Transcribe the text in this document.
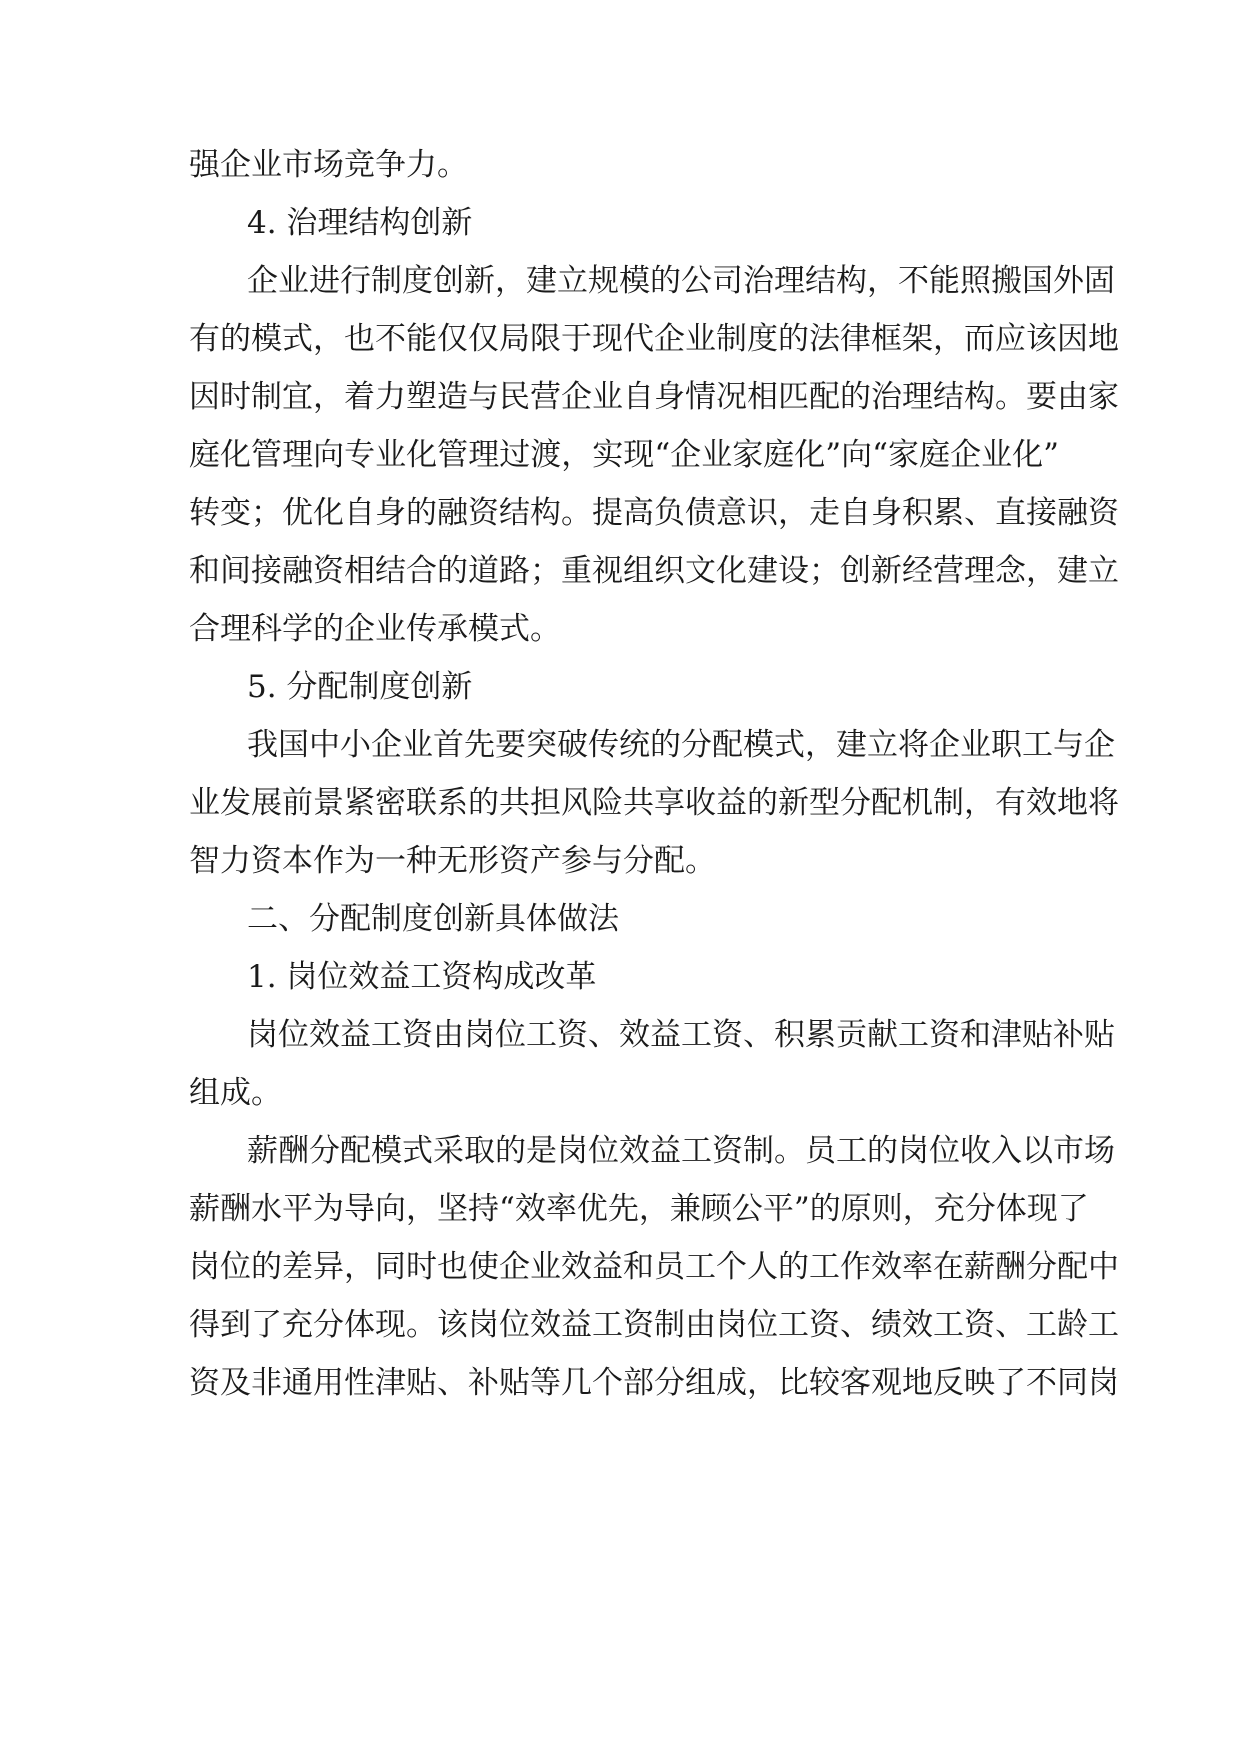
强企业市场竞争力。
4. 治理结构创新
企业进行制度创新，建立规模的公司治理结构，不能照搬国外固
有的模式，也不能仅仅局限于现代企业制度的法律框架，而应该因地
因时制宜，着力塑造与民营企业自身情况相匹配的治理结构。要由家
庭化管理向专业化管理过渡，实现“企业家庭化”向“家庭企业化”
转变；优化自身的融资结构。提高负债意识，走自身积累、直接融资
和间接融资相结合的道路；重视组织文化建设；创新经营理念，建立
合理科学的企业传承模式。
5. 分配制度创新
我国中小企业首先要突破传统的分配模式，建立将企业职工与企
业发展前景紧密联系的共担风险共享收益的新型分配机制，有效地将
智力资本作为一种无形资产参与分配。
二、分配制度创新具体做法
1. 岗位效益工资构成改革
岗位效益工资由岗位工资、效益工资、积累贡献工资和津贴补贴
组成。
薪酬分配模式采取的是岗位效益工资制。员工的岗位收入以市场
薪酬水平为导向，坚持“效率优先，兼顾公平”的原则，充分体现了
岗位的差异，同时也使企业效益和员工个人的工作效率在薪酬分配中
得到了充分体现。该岗位效益工资制由岗位工资、绩效工资、工龄工
资及非通用性津贴、补贴等几个部分组成，比较客观地反映了不同岗
